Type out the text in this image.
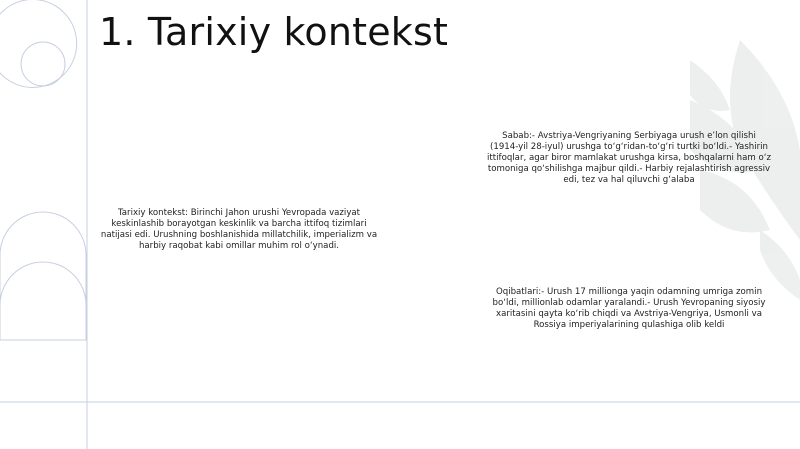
1. Tarixiy kontekst
Tarixiy kontekst: Birinchi Jahon urushi Yevropada vaziyat keskinlashib borayotgan keskinlik va barcha ittifoq tizimlari natijasi edi. Urushning boshlanishida millatchilik, imperializm va harbiy raqobat kabi omillar muhim rol o‘ynadi.
Sabab:- Avstriya-Vengriyaning Serbiyaga urush e’lon qilishi (1914-yil 28-iyul) urushga to‘g‘ridan-to‘g‘ri turtki bo‘ldi.- Yashirin ittifoqlar, agar biror mamlakat urushga kirsa, boshqalarni ham o‘z tomoniga qo‘shilishga majbur qildi.- Harbiy rejalashtirish agressiv edi, tez va hal qiluvchi g‘alaba
Oqibatlari:- Urush 17 millionga yaqin odamning umriga zomin bo‘ldi, millionlab odamlar yaralandi.- Urush Yevropaning siyosiy xaritasini qayta ko‘rib chiqdi va Avstriya-Vengriya, Usmonli va Rossiya imperiyalarining qulashiga olib keldi
